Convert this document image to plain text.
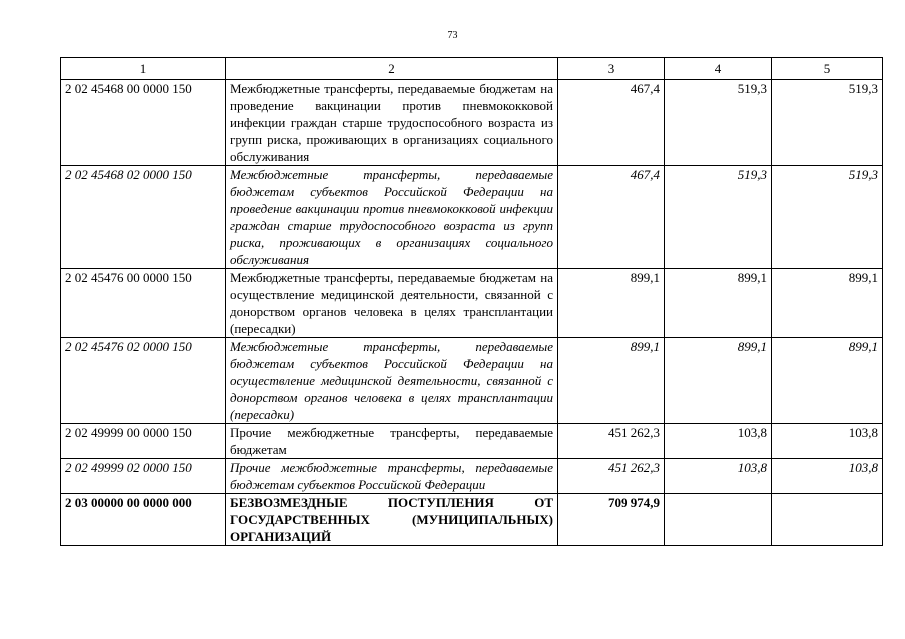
73
1	2	3	4	5
2 02 45468 00 0000 150	Межбюджетные трансферты, передаваемые бюджетам на проведение вакцинации против пневмококковой инфекции граждан старше трудоспособного возраста из групп риска, проживающих в организациях социального обслуживания	467,4	519,3	519,3
2 02 45468 02 0000 150	Межбюджетные трансферты, передаваемые бюджетам субъектов Российской Федерации на проведение вакцинации против пневмококковой инфекции граждан старше трудоспособного возраста из групп риска, проживающих в организациях социального обслуживания	467,4	519,3	519,3
2 02 45476 00 0000 150	Межбюджетные трансферты, передаваемые бюджетам на осуществление медицинской деятельности, связанной с донорством органов человека в целях трансплантации (пересадки)	899,1	899,1	899,1
2 02 45476 02 0000 150	Межбюджетные трансферты, передаваемые бюджетам субъектов Российской Федерации на осуществление медицинской деятельности, связанной с донорством органов человека в целях трансплантации (пересадки)	899,1	899,1	899,1
2 02 49999 00 0000 150	Прочие межбюджетные трансферты, передаваемые бюджетам	451 262,3	103,8	103,8
2 02 49999 02 0000 150	Прочие межбюджетные трансферты, передаваемые бюджетам субъектов Российской Федерации	451 262,3	103,8	103,8
2 03 00000 00 0000 000	БЕЗВОЗМЕЗДНЫЕ ПОСТУПЛЕНИЯ ОТ ГОСУДАРСТВЕННЫХ (МУНИЦИПАЛЬНЫХ) ОРГАНИЗАЦИЙ	709 974,9		
